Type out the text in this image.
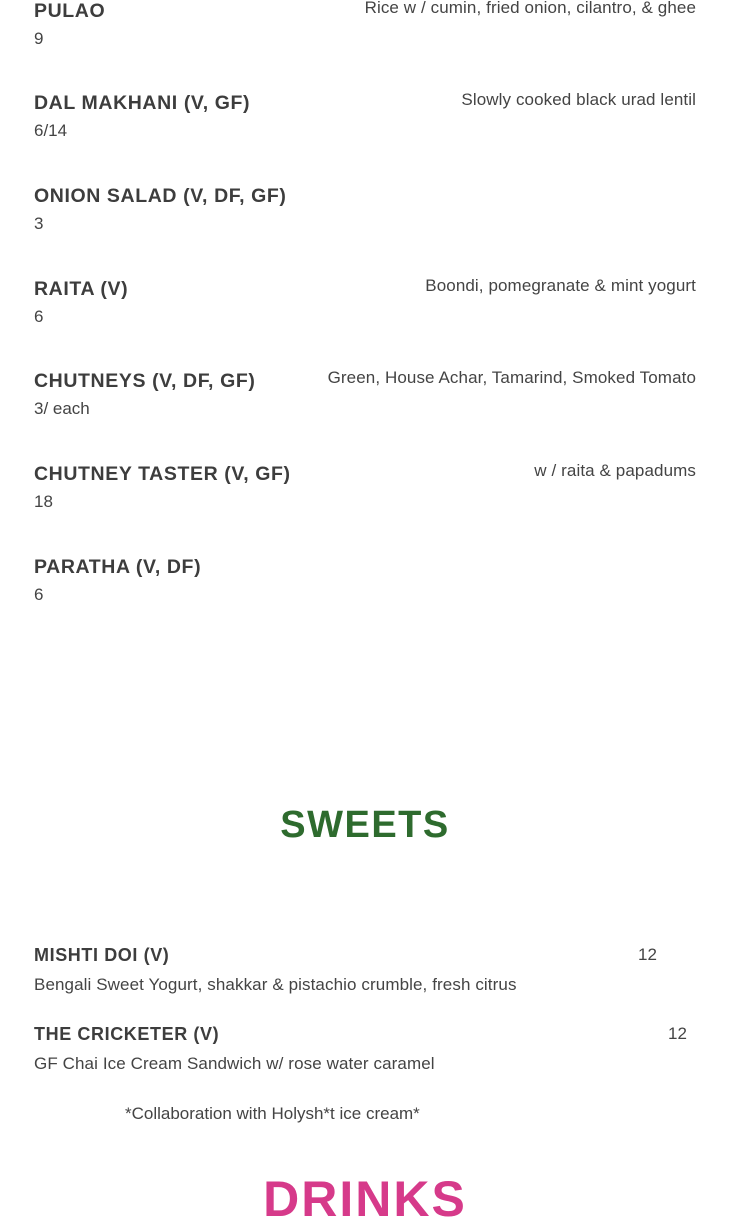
PULAO	Rice w / cumin, fried onion, cilantro, & ghee
9
DAL MAKHANI (V, GF)	Slowly cooked black urad lentil
6/14
ONION SALAD (V, DF, GF)
3
RAITA (V)	Boondi, pomegranate & mint yogurt
6
CHUTNEYS (V, DF, GF)	Green, House Achar, Tamarind, Smoked Tomato
3/ each
CHUTNEY TASTER (V, GF)	w / raita & papadums
18
PARATHA (V, DF)
6
SWEETS
MISHTI DOI (V)	12
Bengali Sweet Yogurt, shakkar & pistachio crumble, fresh citrus
THE CRICKETER (V)	12
GF Chai Ice Cream Sandwich w/ rose water caramel
*Collaboration with Holysh*t ice cream*
DRINKS
